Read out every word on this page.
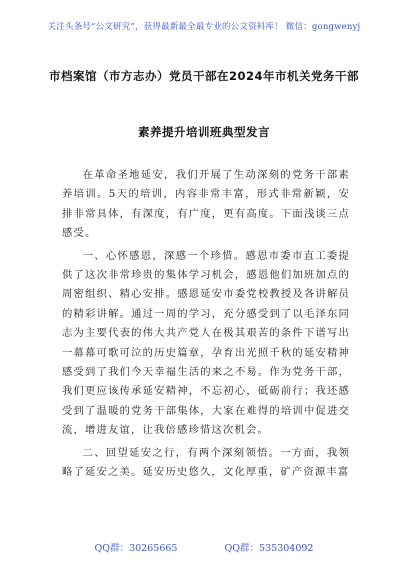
关注头条号“公文研究”，获得最新最全最专业的公文资料库！ 微信：gongwenyj
市档案馆（市方志办）党员干部在2024年市机关党务干部
素养提升培训班典型发言

在革命圣地延安，我们开展了生动深刻的党务干部素养培训。5天的培训，内容非常丰富，形式非常新颖，安排非常具体，有深度，有广度，更有高度。下面浅谈三点感受。

一、心怀感恩，深感一个珍惜。感恩市委市直工委提供了这次非常珍贵的集体学习机会，感恩他们加班加点的周密组织、精心安排。感恩延安市委党校教授及各讲解员的精彩讲解。通过一周的学习，充分感受到了以毛泽东同志为主要代表的伟大共产党人在极其艰苦的条件下谱写出一幕幕可歌可泣的历史篇章，孕育出光照千秋的延安精神感受到了我们今天幸福生活的来之不易。作为党务干部，我们更应该传承延安精神，不忘初心，砥砺前行；我还感受到了温暖的党务干部集体，大家在难得的培训中促进交流，增进友谊，让我倍感珍惜这次机会。

二、回望延安之行，有两个深刻领悟。一方面，我领略了延安之美。延安历史悠久，文化厚重，矿产资源丰富

QQ群：30265665	QQ群：535304092
